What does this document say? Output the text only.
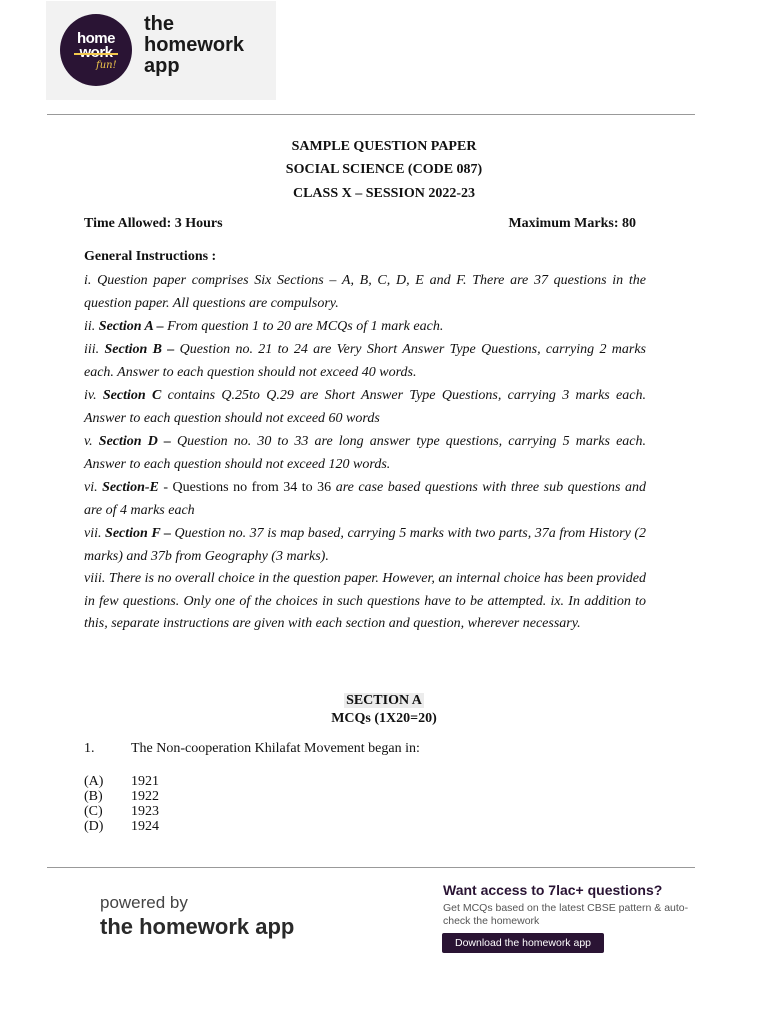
home
fun!
the
homework
app
SAMPLE QUESTION PAPER
SOCIAL SCIENCE (CODE 087)
CLASS X – SESSION 2022-23
Time Allowed: 3 Hours	Maximum Marks: 80
General Instructions :
i. Question paper comprises Six Sections – A, B, C, D, E and F. There are 37 questions in the question paper. All questions are compulsory.
ii. Section A – From question 1 to 20 are MCQs of 1 mark each.
iii. Section B – Question no. 21 to 24 are Very Short Answer Type Questions, carrying 2 marks each. Answer to each question should not exceed 40 words.
iv. Section C contains Q.25to Q.29 are Short Answer Type Questions, carrying 3 marks each. Answer to each question should not exceed 60 words
v. Section D – Question no. 30 to 33 are long answer type questions, carrying 5 marks each. Answer to each question should not exceed 120 words.
vi. Section-E - Questions no from 34 to 36 are case based questions with three sub questions and are of 4 marks each
vii. Section F – Question no. 37 is map based, carrying 5 marks with two parts, 37a from History (2 marks) and 37b from Geography (3 marks).
viii. There is no overall choice in the question paper. However, an internal choice has been provided in few questions. Only one of the choices in such questions have to be attempted. ix. In addition to this, separate instructions are given with each section and question, wherever necessary.
SECTION A
MCQs (1X20=20)
1.	The Non-cooperation Khilafat Movement began in:
(A) 1921
(B) 1922
(C) 1923
(D) 1924
powered by
the homework app
Want access to 7lac+ questions?
Get MCQs based on the latest CBSE pattern & auto-check the homework
Download the homework app
